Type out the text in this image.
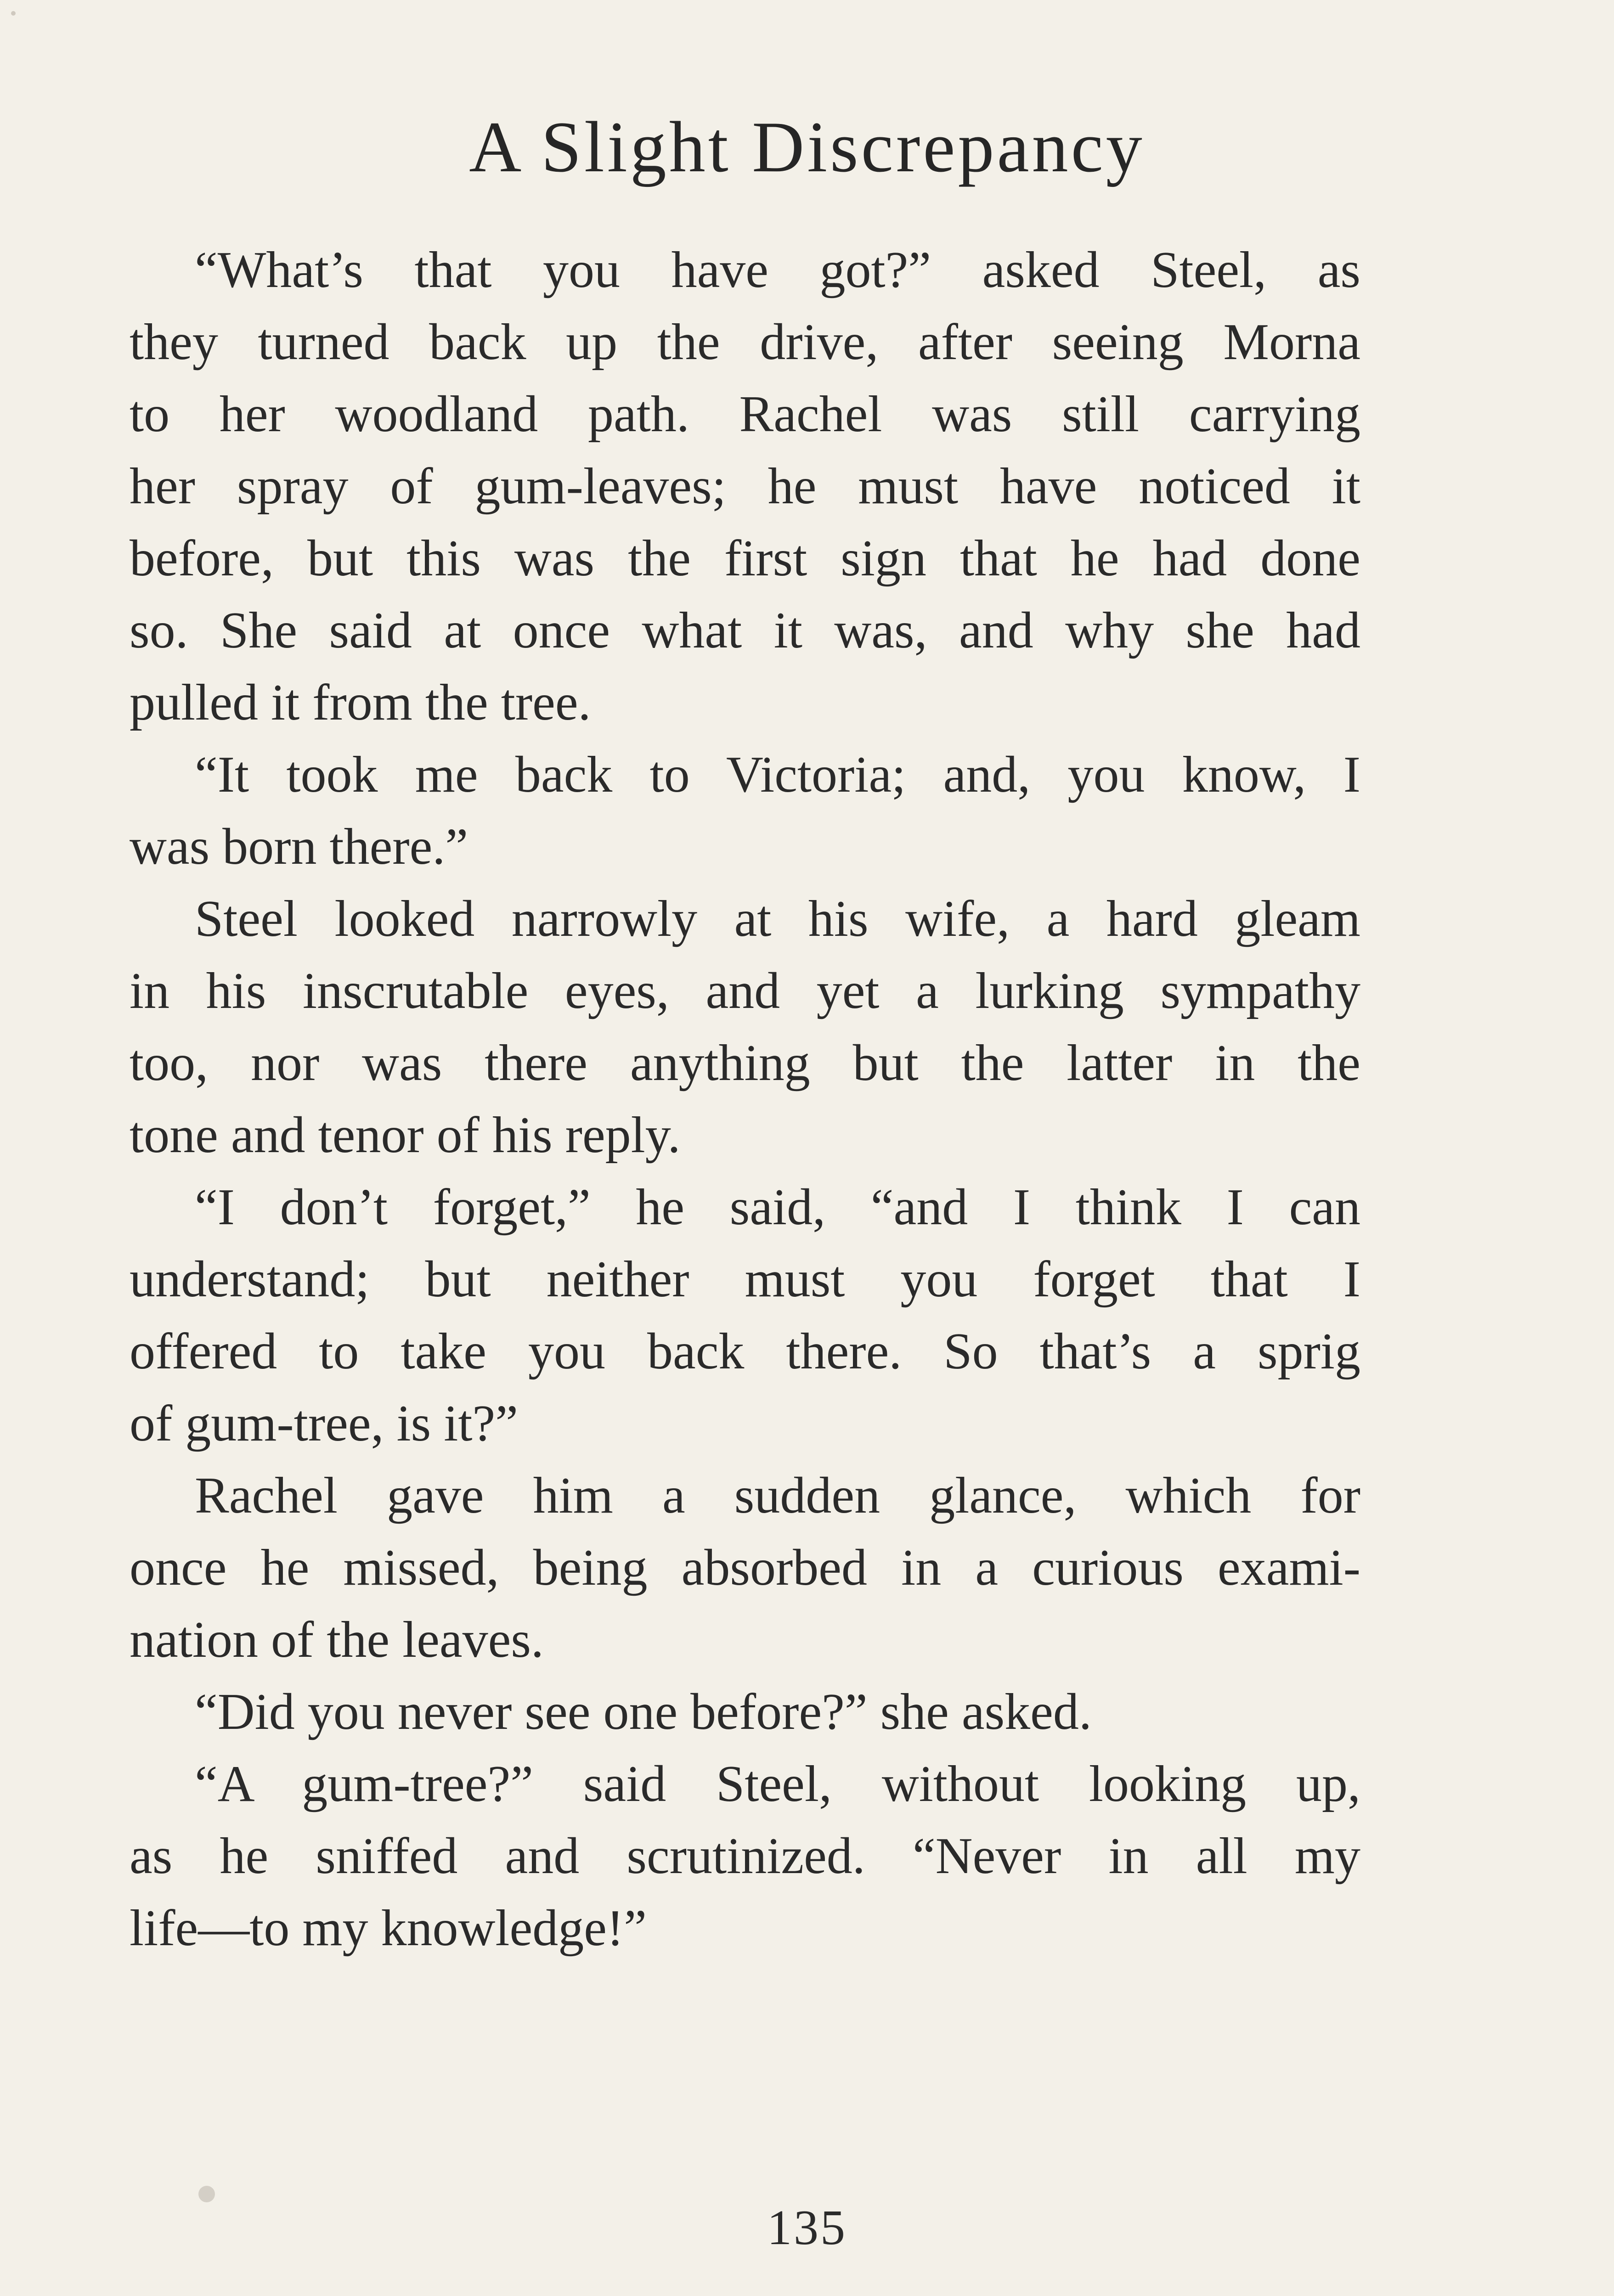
A Slight Discrepancy
“What’s that you have got?” asked Steel, as
they turned back up the drive, after seeing Morna
to her woodland path. Rachel was still carrying
her spray of gum-leaves; he must have noticed it
before, but this was the first sign that he had done
so. She said at once what it was, and why she had
pulled it from the tree.
“It took me back to Victoria; and, you know, I
was born there.”
Steel looked narrowly at his wife, a hard gleam
in his inscrutable eyes, and yet a lurking sympathy
too, nor was there anything but the latter in the
tone and tenor of his reply.
“I don’t forget,” he said, “and I think I can
understand; but neither must you forget that I
offered to take you back there. So that’s a sprig
of gum-tree, is it?”
Rachel gave him a sudden glance, which for
once he missed, being absorbed in a curious exami-
nation of the leaves.
“Did you never see one before?” she asked.
“A gum-tree?” said Steel, without looking up,
as he sniffed and scrutinized. “Never in all my
life—to my knowledge!”
135
